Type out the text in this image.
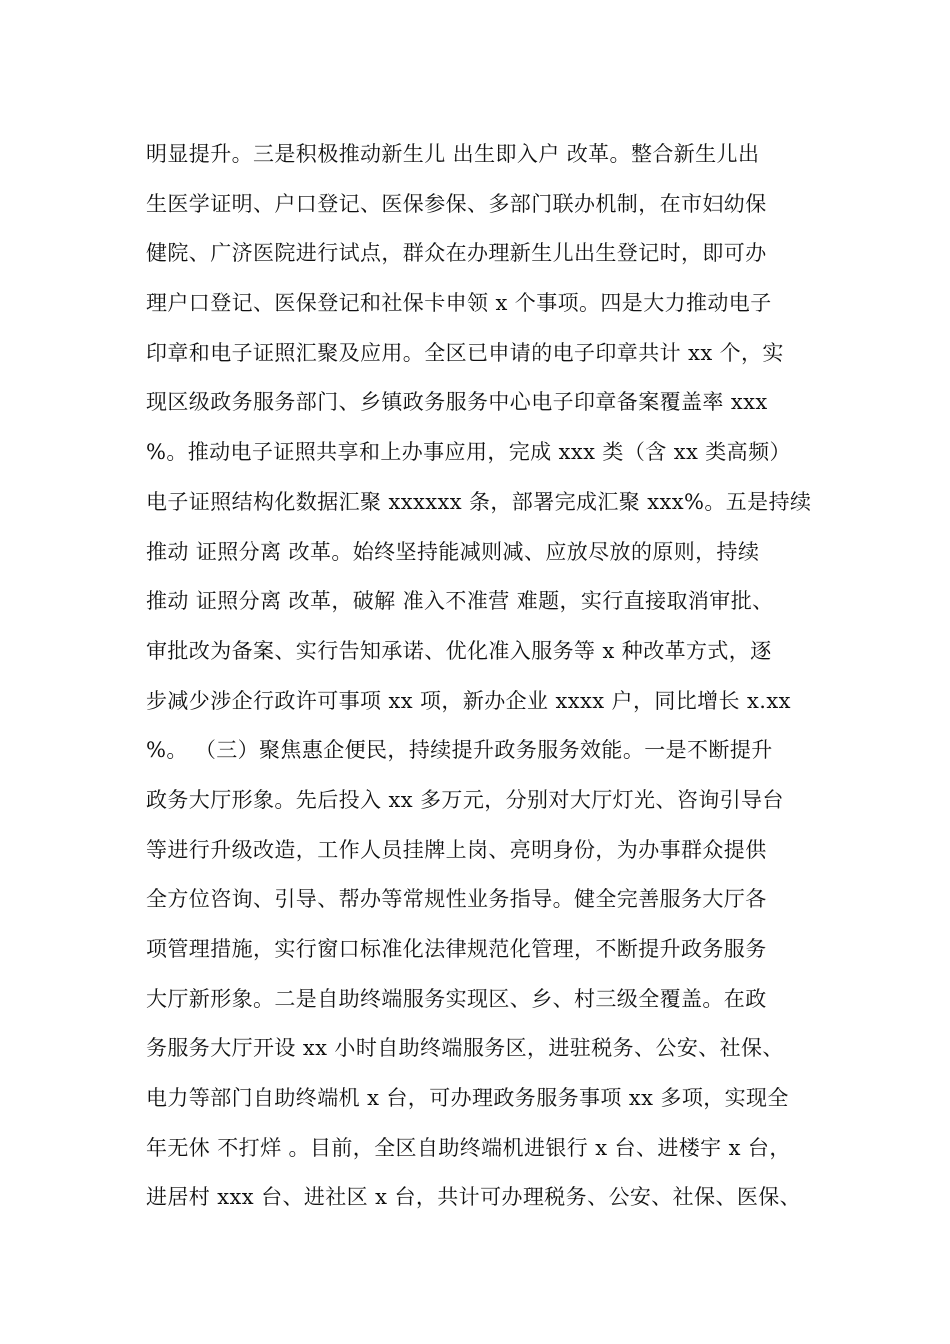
明显提升。三是积极推动新生儿 出生即入户 改革。整合新生儿出
生医学证明、户口登记、医保参保、多部门联办机制，在市妇幼保
健院、广济医院进行试点，群众在办理新生儿出生登记时，即可办
理户口登记、医保登记和社保卡申领 x 个事项。四是大力推动电子
印章和电子证照汇聚及应用。全区已申请的电子印章共计 xx 个，实
现区级政务服务部门、乡镇政务服务中心电子印章备案覆盖率 xxx
%。推动电子证照共享和上办事应用，完成 xxx 类（含 xx 类高频）
电子证照结构化数据汇聚 xxxxxx 条，部署完成汇聚 xxx%。五是持续
推动 证照分离 改革。始终坚持能减则减、应放尽放的原则，持续
推动 证照分离 改革，破解 准入不准营 难题，实行直接取消审批、
审批改为备案、实行告知承诺、优化准入服务等 x 种改革方式，逐
步减少涉企行政许可事项 xx 项，新办企业 xxxx 户，同比增长 x.xx
%。 （三）聚焦惠企便民，持续提升政务服务效能。一是不断提升
政务大厅形象。先后投入 xx 多万元，分别对大厅灯光、咨询引导台
等进行升级改造，工作人员挂牌上岗、亮明身份，为办事群众提供
全方位咨询、引导、帮办等常规性业务指导。健全完善服务大厅各
项管理措施，实行窗口标准化法律规范化管理，不断提升政务服务
大厅新形象。二是自助终端服务实现区、乡、村三级全覆盖。在政
务服务大厅开设 xx 小时自助终端服务区，进驻税务、公安、社保、
电力等部门自助终端机 x 台，可办理政务服务事项 xx 多项，实现全
年无休 不打烊 。目前，全区自助终端机进银行 x 台、进楼宇 x 台，
进居村 xxx 台、进社区 x 台，共计可办理税务、公安、社保、医保、
